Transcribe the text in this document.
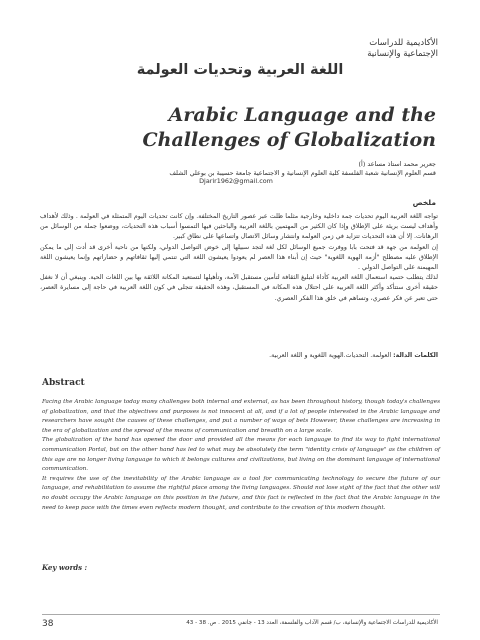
الأكاديمية للدراسات
الإجتماعية والإنسانية
اللغة العربية وتحديات العولمة
Arabic Language and the Challenges of Globalization
جعرير محمد استاذ مساعد (أ)
قسم العلوم الإنسانية شعبة الفلسفة كلية العلوم الإنسانية و الاجتماعية جامعة حسيبة بن بوعلي الشلف
Djarir1962@gmail.com
ملخص

تواجه اللغة العربية اليوم تحديات جمة داخلية وخارجية مثلما ظلت عبر عصور التاريخ المختلفة. وإن كانت تحديات اليوم المتمثلة في العولمة . وذلك لأهداف وأهداف ليست بريئة على الإطلاق وإذا كان الكثير من المهتمين باللغة العربية والباحثين فيها التمسوا أسباب هذه التحديات، ووضعوا جملة من الوسائل من الرهانات. إلا أن هذه التحديات تتزايد في زمن العولمة وانتشار وسائل الاتصال واتساعها على نطاق كبير.

إن العولمة من جهة قد فتحت بابا ووفرت جميع الوسائل لكل لغة لتجد سبيلها إلى خوض التواصل الدولي، ولكنها من ناحية أخرى قد أدت إلى ما يمكن الإطلاق عليه مصطلح "أزمة الهوية اللغوية" حيث إن أبناء هذا العصر لم يعودوا يعيشون اللغة التي تنتمي إليها ثقافاتهم و حضاراتهم وإنما يعيشون اللغة المهيمنة على التواصل الدولي .

لذلك يتطلب حتمية استعمال اللغة العربية كأداة لتبليغ الثقافة لتأمين مستقبل الأمة، وتأهيلها لتستعيد المكانة اللائقة بها بين اللغات الحية. وينبغي أن لا نغفل حقيقة أخرى ستتأكد وأكثر اللغة العربية على احتلال هذه المكانة في المستقبل، وهذه الحقيقة تتجلى في كون اللغة العربية في حاجة إلى مسايرة العصر، حتى تعبر عن فكر عصري، وتساهم في خلق هذا الفكر العصري.

الكلمات الدالة: العولمة. التحديات.الهوية اللغوية و اللغة العربية.
Abstract

Facing the Arabic language today many challenges both internal and external, as has been throughout history, though today's challenges of globalization, and that the objectives and purposes is not innocent at all, and if a lot of people interested in the Arabic language and researchers have sought the causes of these challenges, and put a number of ways of bets However, these challenges are increasing in the era of globalization and the spread of the means of communication and breadth on a large scale.

The globalization of the hand has opened the door and provided all the means for each language to find its way to fight international communication Portal, but on the other hand has led to what may be absolutely the term "identity crisis of language" as the children of this age are no longer living language to which it belongs cultures and civilizations, but living on the dominant language of international communication.

It requires the use of the inevitability of the Arabic language as a tool for communicating technology to secure the future of our language, and rehabilitation to assume the rightful place among the living languages. Should not lose sight of the fact that the other will no doubt occupy the Arabic language on this position in the future, and this fact is reflected in the fact that the Arabic language in the need to keep pace with the times even reflects modern thought, and contribute to the creation of this modern thought.

Key words :
38	الأكاديمية للدراسات الاجتماعية والإنسانية، ب/ قسم الآداب والفلسفة، العدد 13 - جانفي 2015 . ص. 38 - 43
